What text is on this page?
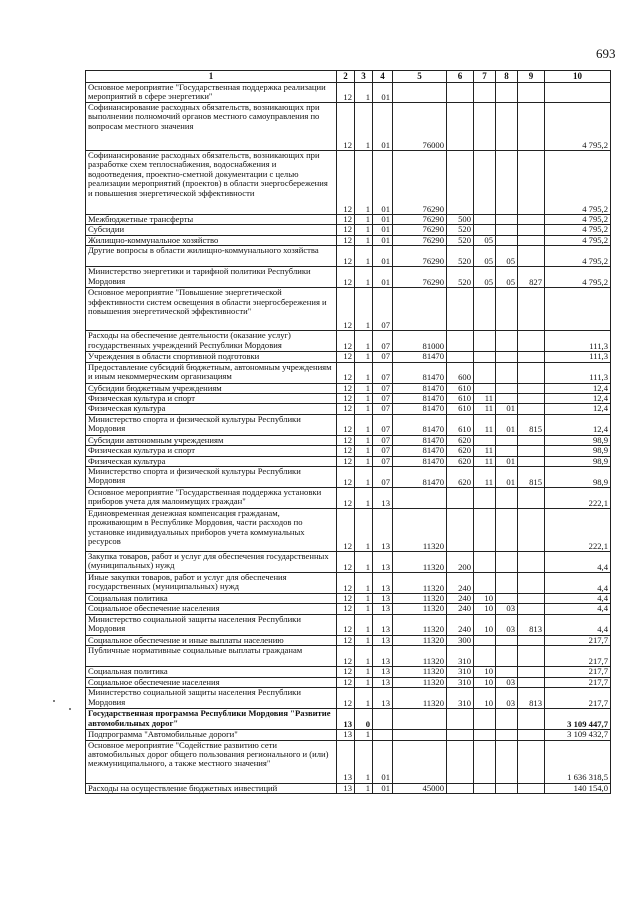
693
1	2	3	4	5	6	7	8	9	10
Основное мероприятие "Государственная поддержка реализации мероприятий в сфере энергетики"	12	1	01						
Софинансирование расходных обязательств, возникающих при выполнении полномочий органов местного самоуправления по вопросам местного значения	12	1	01	76000					4 795,2
Софинансирование расходных обязательств, возникающих при разработке схем теплоснабжения, водоснабжения и водоотведения, проектно-сметной документации с целью реализации мероприятий (проектов) в области энергосбережения и повышения энергетической эффективности	12	1	01	76290					4 795,2
Межбюджетные трансферты	12	1	01	76290	500				4 795,2
Субсидии	12	1	01	76290	520				4 795,2
Жилищно-коммунальное хозяйство	12	1	01	76290	520	05			4 795,2
Другие вопросы в области жилищно-коммунального хозяйства	12	1	01	76290	520	05	05		4 795,2
Министерство энергетики и тарифной политики Республики Мордовия	12	1	01	76290	520	05	05	827	4 795,2
Основное мероприятие "Повышение энергетической эффективности систем освещения в области энергосбережения и повышения энергетической эффективности"	12	1	07						
Расходы на обеспечение деятельности (оказание услуг) государственных учреждений Республики Мордовия	12	1	07	81000					111,3
Учреждения в области спортивной подготовки	12	1	07	81470					111,3
Предоставление субсидий бюджетным, автономным учреждениям и иным некоммерческим организациям	12	1	07	81470	600				111,3
Субсидии бюджетным учреждениям	12	1	07	81470	610				12,4
Физическая культура и спорт	12	1	07	81470	610	11			12,4
Физическая культура	12	1	07	81470	610	11	01		12,4
Министерство спорта и физической культуры Республики Мордовия	12	1	07	81470	610	11	01	815	12,4
Субсидии автономным учреждениям	12	1	07	81470	620				98,9
Физическая культура и спорт	12	1	07	81470	620	11			98,9
Физическая культура	12	1	07	81470	620	11	01		98,9
Министерство спорта и физической культуры Республики Мордовия	12	1	07	81470	620	11	01	815	98,9
Основное мероприятие "Государственная поддержка установки приборов учета для малоимущих граждан"	12	1	13						222,1
Единовременная денежная компенсация гражданам, проживающим в Республике Мордовия, части расходов по установке индивидуальных приборов учета коммунальных ресурсов	12	1	13	11320					222,1
Закупка товаров, работ и услуг для обеспечения государственных (муниципальных) нужд	12	1	13	11320	200				4,4
Иные закупки товаров, работ и услуг для обеспечения государственных (муниципальных) нужд	12	1	13	11320	240				4,4
Социальная политика	12	1	13	11320	240	10			4,4
Социальное обеспечение населения	12	1	13	11320	240	10	03		4,4
Министерство социальной защиты населения Республики Мордовия	12	1	13	11320	240	10	03	813	4,4
Социальное обеспечение и иные выплаты населению	12	1	13	11320	300				217,7
Публичные нормативные социальные выплаты гражданам	12	1	13	11320	310				217,7
Социальная политика	12	1	13	11320	310	10			217,7
Социальное обеспечение населения	12	1	13	11320	310	10	03		217,7
Министерство социальной защиты населения Республики Мордовия	12	1	13	11320	310	10	03	813	217,7
Государственная программа Республики Мордовия "Развитие автомобильных дорог"	13	0							3 109 447,7
Подпрограмма "Автомобильные дороги"	13	1							3 109 432,7
Основное мероприятие "Содействие развитию сети автомобильных дорог общего пользования регионального и (или) межмуниципального, а также местного значения"	13	1	01						1 636 318,5
Расходы на осуществление бюджетных инвестиций	13	1	01	45000					140 154,0
